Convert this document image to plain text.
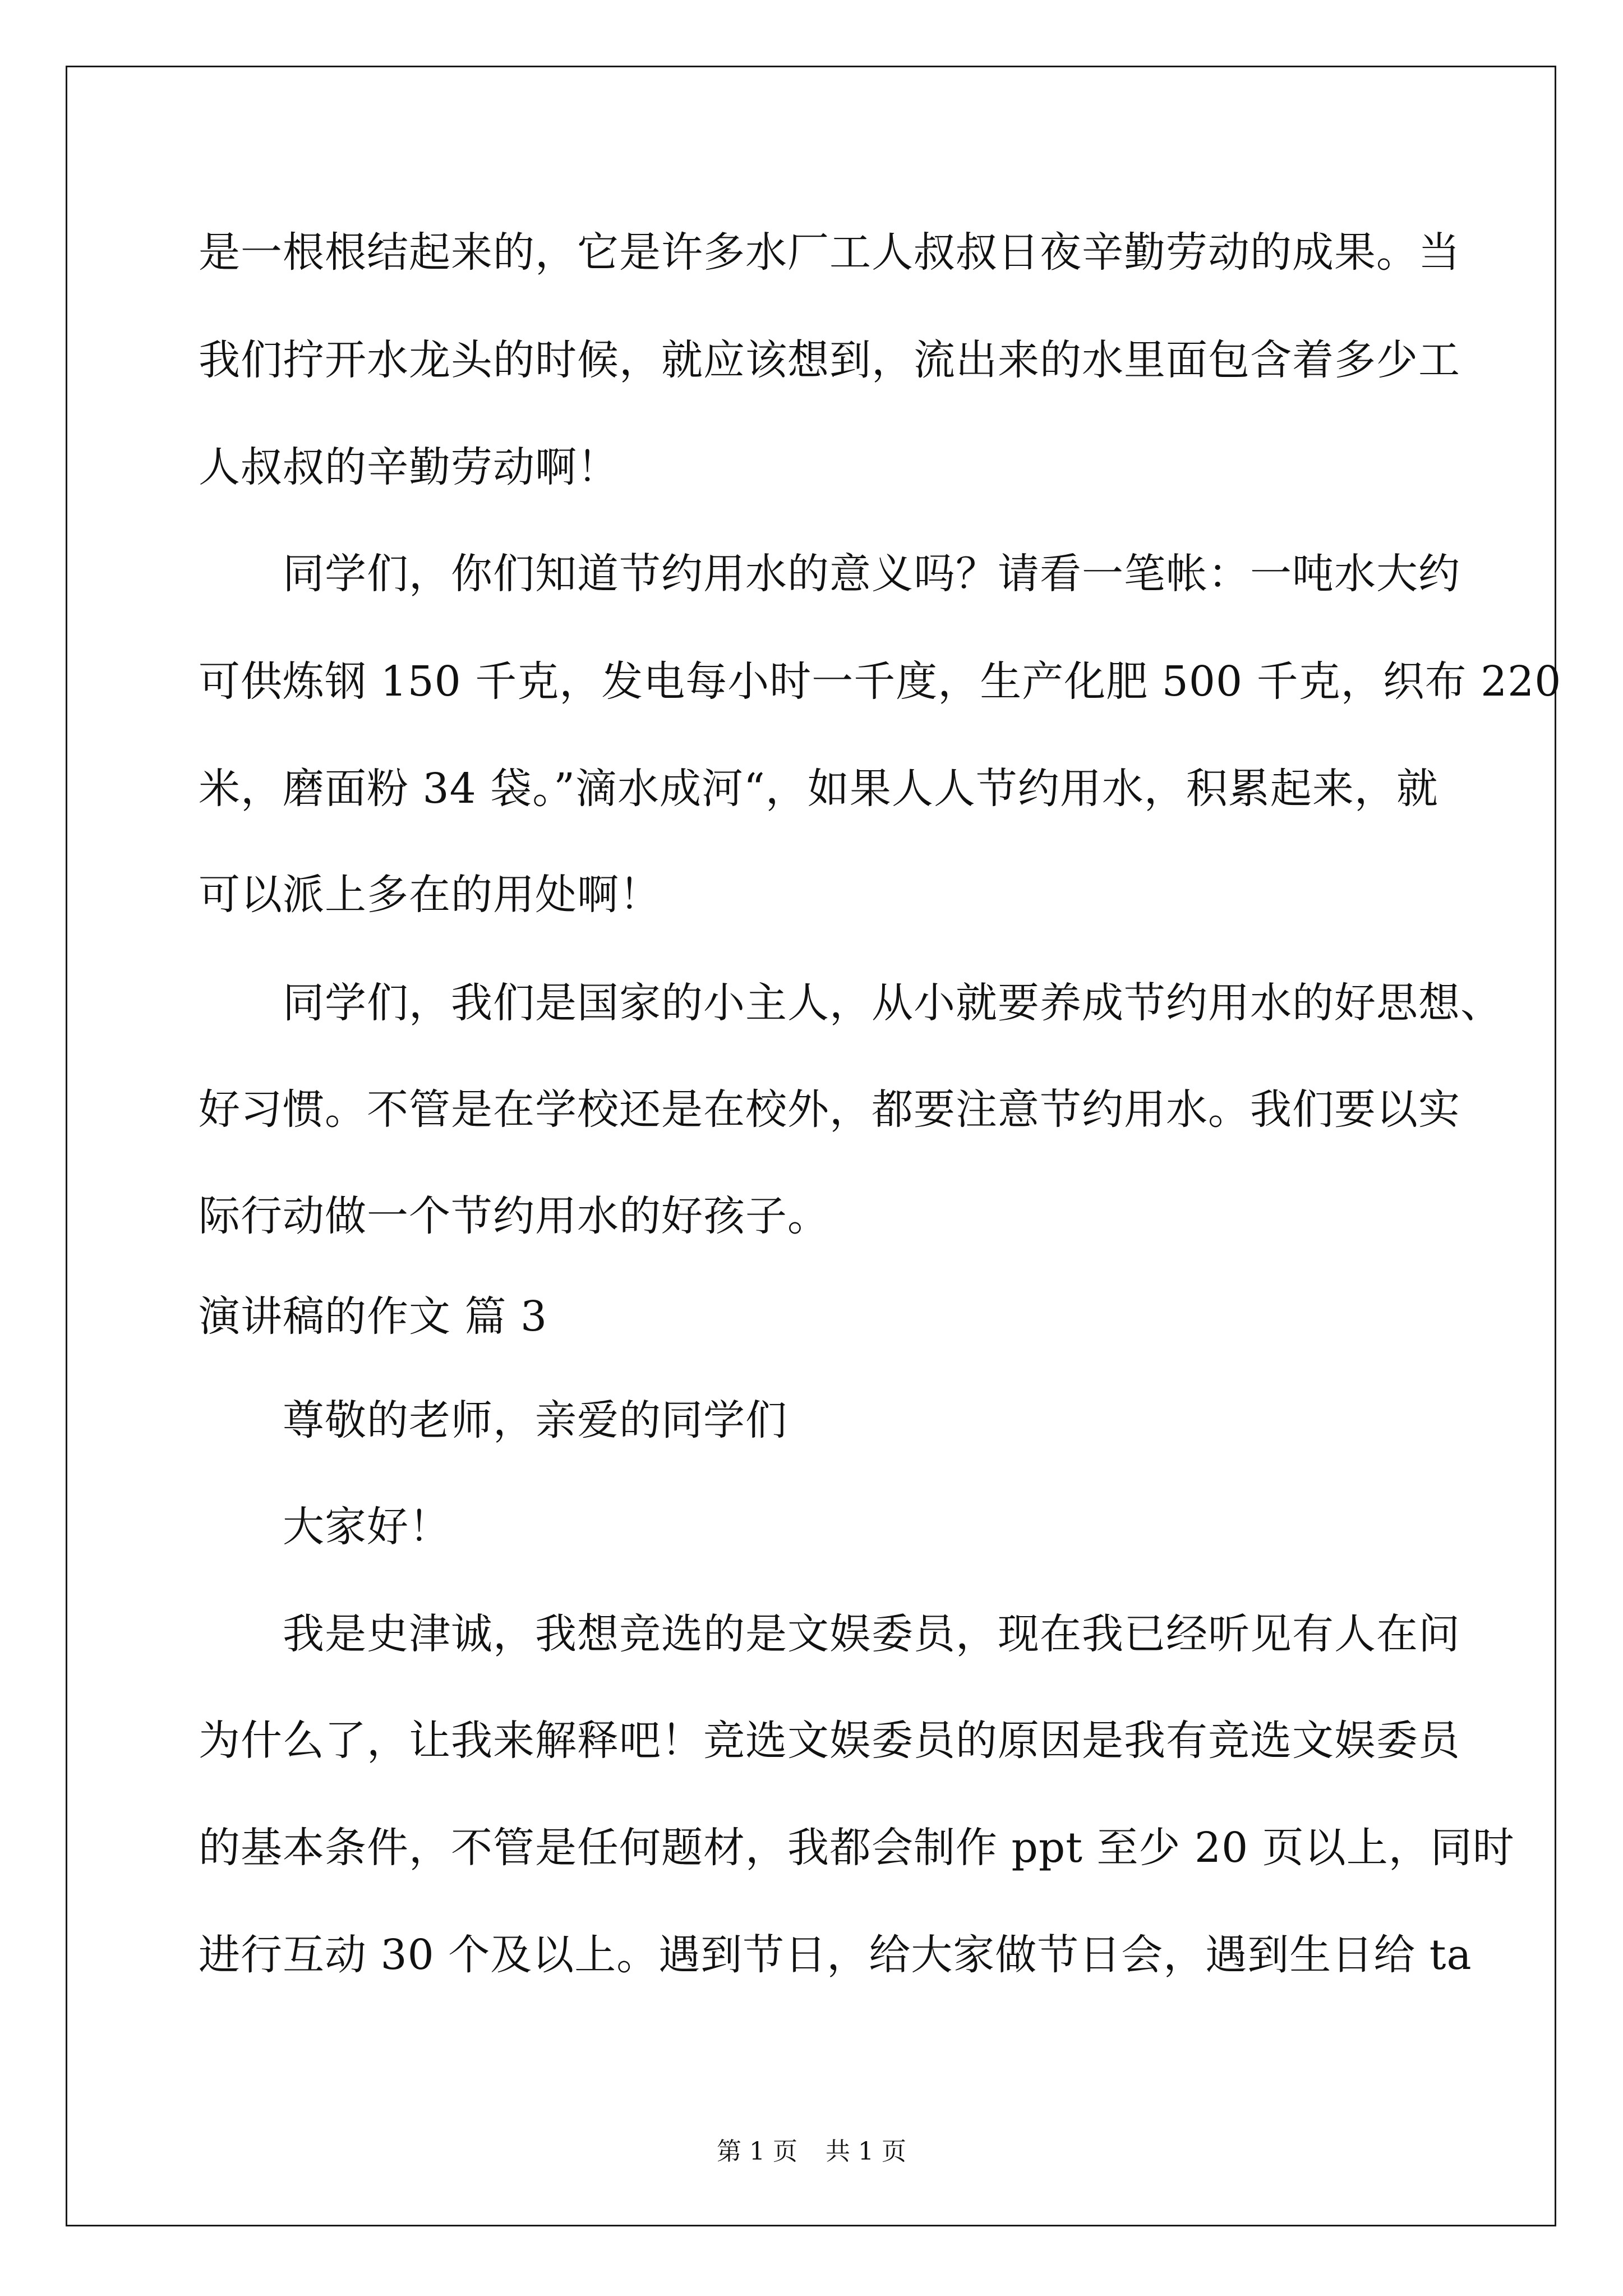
是一根根结起来的，它是许多水厂工人叔叔日夜辛勤劳动的成果。当
我们拧开水龙头的时候，就应该想到，流出来的水里面包含着多少工
人叔叔的辛勤劳动啊！
同学们，你们知道节约用水的意义吗？请看一笔帐：一吨水大约
可供炼钢 150 千克，发电每小时一千度，生产化肥 500 千克，织布 220
米，磨面粉 34 袋。”滴水成河“，如果人人节约用水，积累起来，就
可以派上多在的用处啊！
同学们，我们是国家的小主人，从小就要养成节约用水的好思想、
好习惯。不管是在学校还是在校外，都要注意节约用水。我们要以实
际行动做一个节约用水的好孩子。
演讲稿的作文 篇 3
尊敬的老师，亲爱的同学们
大家好！
我是史津诚，我想竞选的是文娱委员，现在我已经听见有人在问
为什么了，让我来解释吧！竞选文娱委员的原因是我有竞选文娱委员
的基本条件，不管是任何题材，我都会制作 ppt 至少 20 页以上，同时
进行互动 30 个及以上。遇到节日，给大家做节日会，遇到生日给 ta
第 1 页 共 1 页
